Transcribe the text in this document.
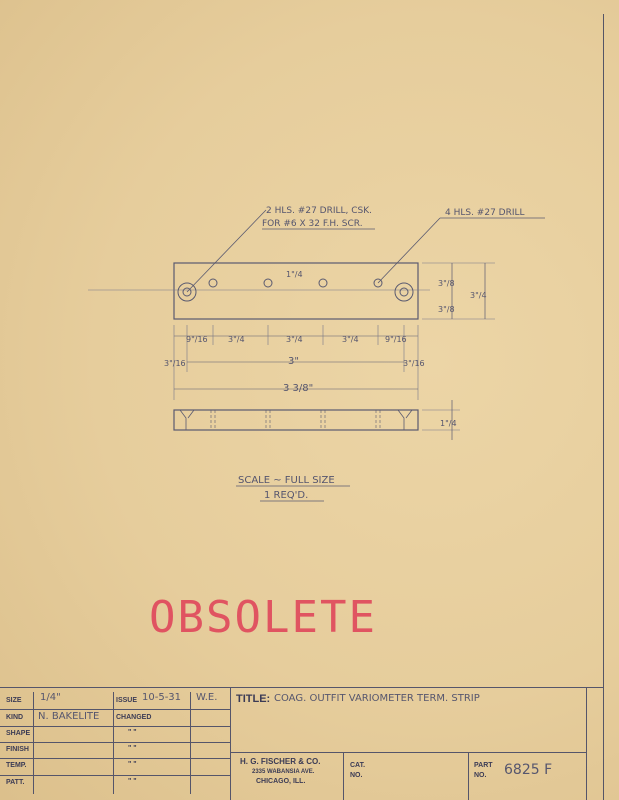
2 HLS. #27 DRILL, CSK.
FOR #6 X 32 F.H. SCR.
4 HLS. #27 DRILL
1"/4
3"/8
3"/8
3"/4
9"/16	3"/4	3"/4	3"/4	9"/16
3"/16	3"/16
3"
3 3/8"
1"/4
SCALE ~ FULL SIZE
1 REQ'D.
OBSOLETE
SIZE 1/4"	ISSUE 10-5-31 W.E.
KIND N. BAKELITE CHANGED
SHAPE	" "
FINISH	" "
TEMP.	" "
PATT.	" "
TITLE: COAG. OUTFIT VARIOMETER TERM. STRIP
H. G. FISCHER & CO.
2335 WABANSIA AVE.
CHICAGO, ILL.
CAT.
NO.
PART
NO. 6825 F
